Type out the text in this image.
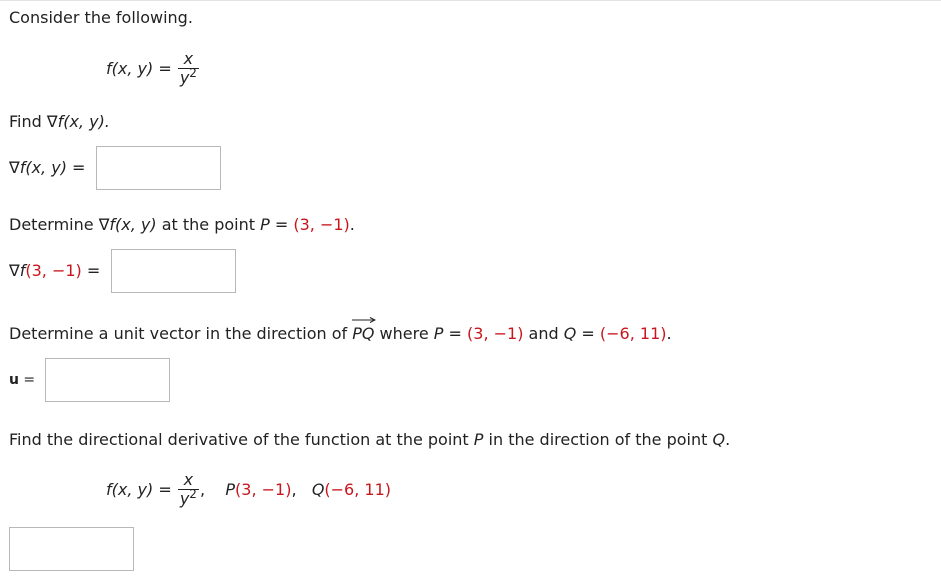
Consider the following.
f(x, $y) = \frac{x}{y^2}$
Find ∇f(x, y).
∇f(x, y) =
Determine ∇f(x, y) at the point P = (3, −1).
∇f(3, −1) =
Determine a unit vector in the direction of
PQ where P = (3, −1) and Q = (−6, 11).
u =
Find the directional derivative of the function at the point P in the direction of the point Q.
f(x, $y) = \frac{x}{y^2}$ , P(3, −1), Q(−6, 11)
